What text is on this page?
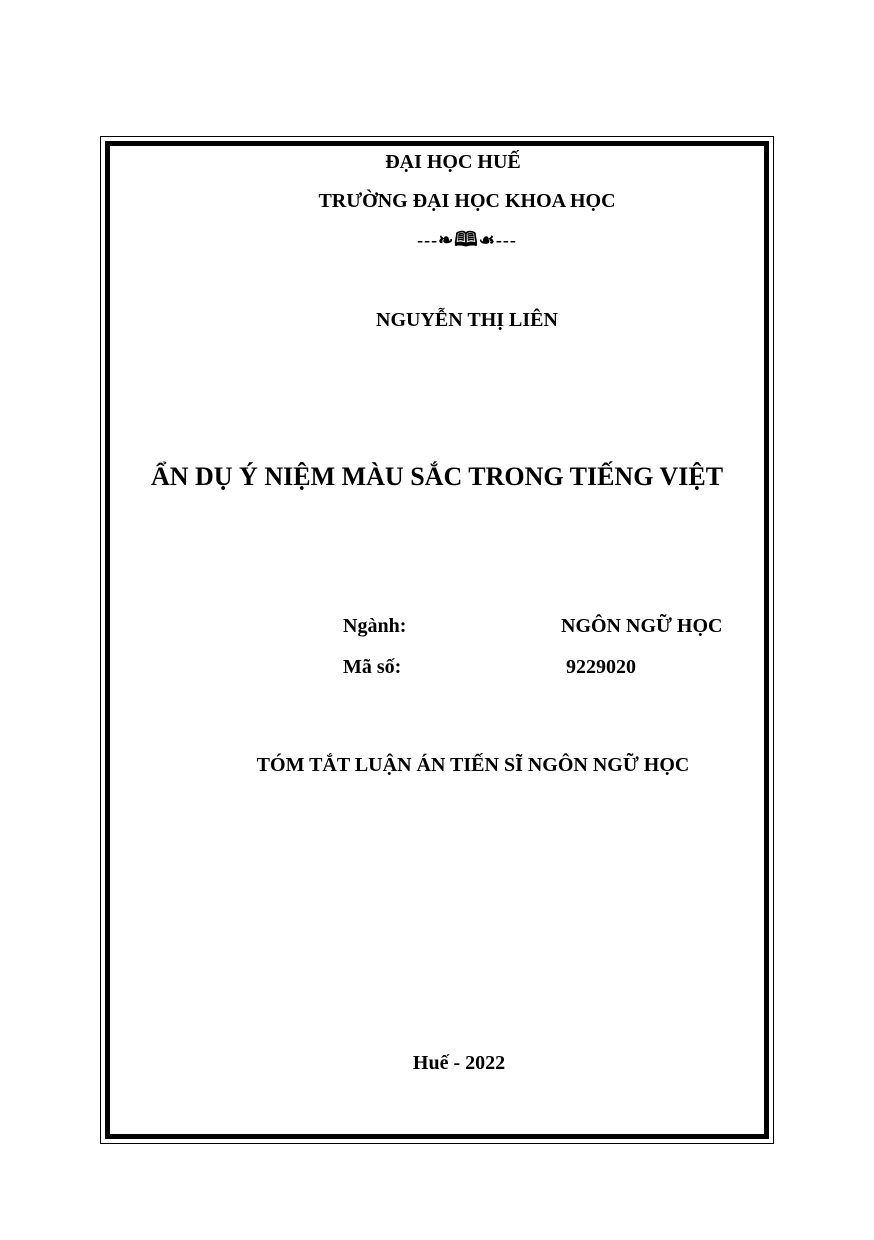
ĐẠI HỌC HUẾ
TRƯỜNG ĐẠI HỌC KHOA HỌC
---❧🕮☙---
NGUYỄN THỊ LIÊN
ẨN DỤ Ý NIỆM MÀU SẮC TRONG TIẾNG VIỆT
Ngành:	NGÔN NGỮ HỌC
Mã số:	9229020
TÓM TẮT LUẬN ÁN TIẾN SĨ NGÔN NGỮ HỌC
Huế - 2022
